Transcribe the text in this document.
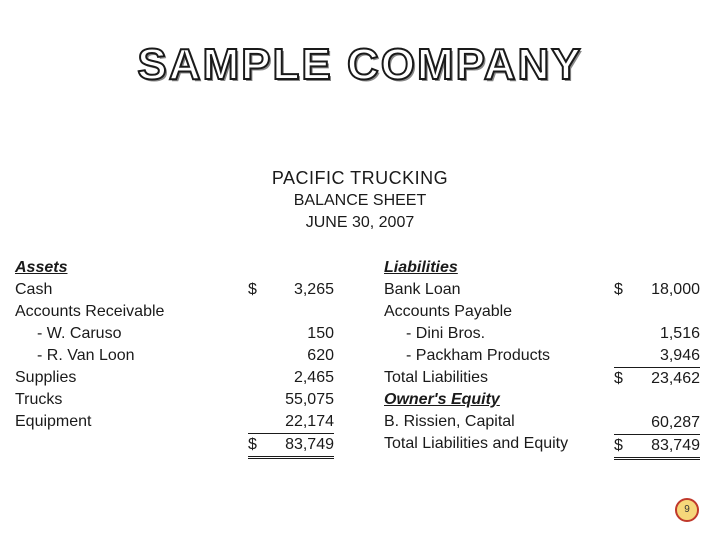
SAMPLE COMPANY
PACIFIC TRUCKING
BALANCE SHEET
JUNE 30, 2007
Assets
Cash
Accounts Receivable
- W. Caruso
- R. Van Loon
Supplies
Trucks
Equipment
$ 3,265
150
620
2,465
55,075
22,174
$ 83,749
Liabilities
Bank Loan
Accounts Payable
- Dini Bros.
- Packham Products
Total Liabilities
Owner's Equity
B. Rissien, Capital
Total Liabilities and Equity
$ 18,000
1,516
3,946
$ 23,462
60,287
$ 83,749
9
